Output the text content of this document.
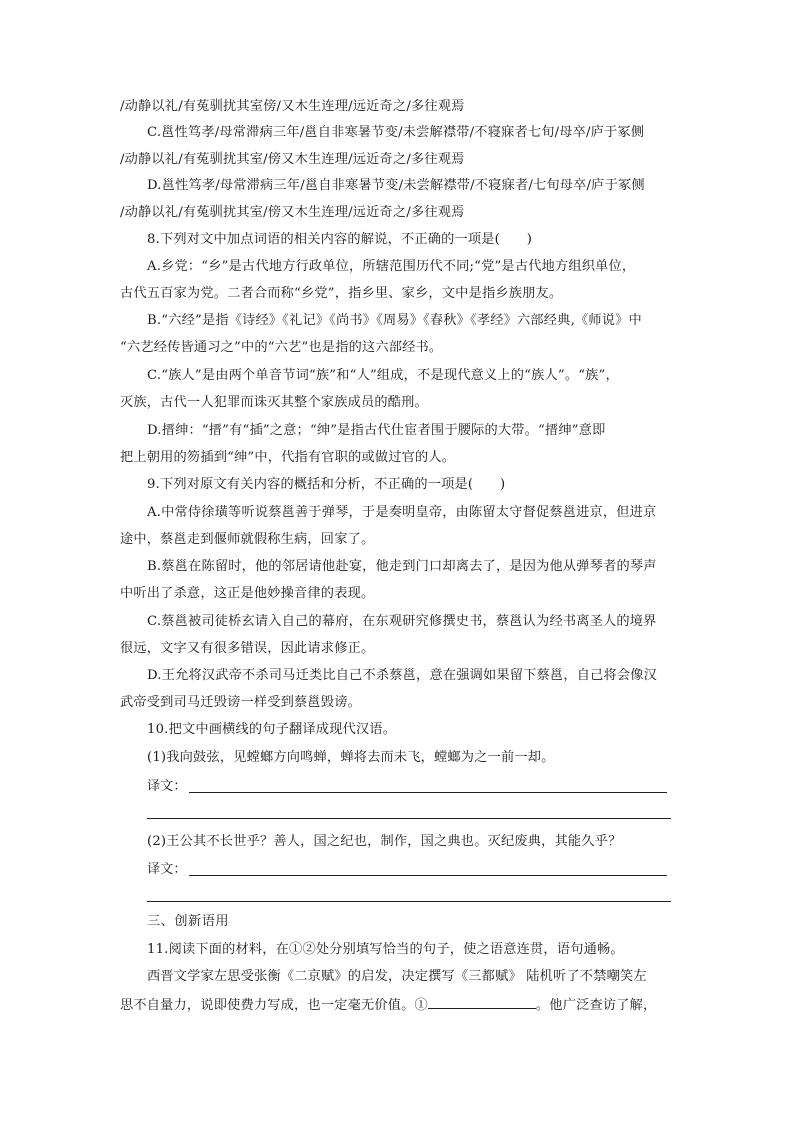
/动静以礼/有菟驯扰其室傍/又木生连理/远近奇之/多往观焉
C.邕性笃孝/母常滞病三年/邕自非寒暑节变/未尝解襟带/不寝寐者七旬/母卒/庐于冢侧
/动静以礼/有菟驯扰其室/傍又木生连理/远近奇之/多往观焉
D.邕性笃孝/母常滞病三年/邕自非寒暑节变/未尝解襟带/不寝寐者/七旬母卒/庐于冢侧
/动静以礼/有菟驯扰其室/傍又木生连理/远近奇之/多往观焉
8.下列对文中加点词语的相关内容的解说，不正确的一项是(　　)
A.乡党：“乡”是古代地方行政单位，所辖范围历代不同;“党”是古代地方组织单位，
古代五百家为党。二者合而称“乡党”，指乡里、家乡，文中是指乡族朋友。
B.“六经”是指《诗经》《礼记》《尚书》《周易》《春秋》《孝经》六部经典,《师说》中
“六艺经传皆通习之”中的“六艺”也是指的这六部经书。
C.“族人”是由两个单音节词“族”和“人”组成，不是现代意义上的“族人”。“族”，
灭族，古代一人犯罪而诛灭其整个家族成员的酷刑。
D.搢绅：“搢”有“插”之意；“绅”是指古代仕宦者围于腰际的大带。“搢绅”意即
把上朝用的笏插到“绅”中，代指有官职的或做过官的人。
9.下列对原文有关内容的概括和分析，不正确的一项是(　　)
A.中常侍徐璜等听说蔡邕善于弹琴，于是奏明皇帝，由陈留太守督促蔡邕进京，但进京
途中，蔡邕走到偃师就假称生病，回家了。
B.蔡邕在陈留时，他的邻居请他赴宴，他走到门口却离去了，是因为他从弹琴者的琴声
中听出了杀意，这正是他妙操音律的表现。
C.蔡邕被司徒桥玄请入自己的幕府，在东观研究修撰史书，蔡邕认为经书离圣人的境界
很远，文字又有很多错误，因此请求修正。
D.王允将汉武帝不杀司马迁类比自己不杀蔡邕，意在强调如果留下蔡邕，自己将会像汉
武帝受到司马迁毁谤一样受到蔡邕毁谤。
10.把文中画横线的句子翻译成现代汉语。
(1)我向鼓弦，见螳螂方向鸣蝉，蝉将去而未飞，螳螂为之一前一却。
译文：
(2)王公其不长世乎？善人，国之纪也，制作，国之典也。灭纪废典，其能久乎？
译文：
三、创新语用
11.阅读下面的材料，在①②处分别填写恰当的句子，使之语意连贯，语句通畅。
西晋文学家左思受张衡《二京赋》的启发，决定撰写《三都赋》 陆机听了不禁嘲笑左
思不自量力，说即使费力写成，也一定毫无价值。①	。他广泛查访了解，
